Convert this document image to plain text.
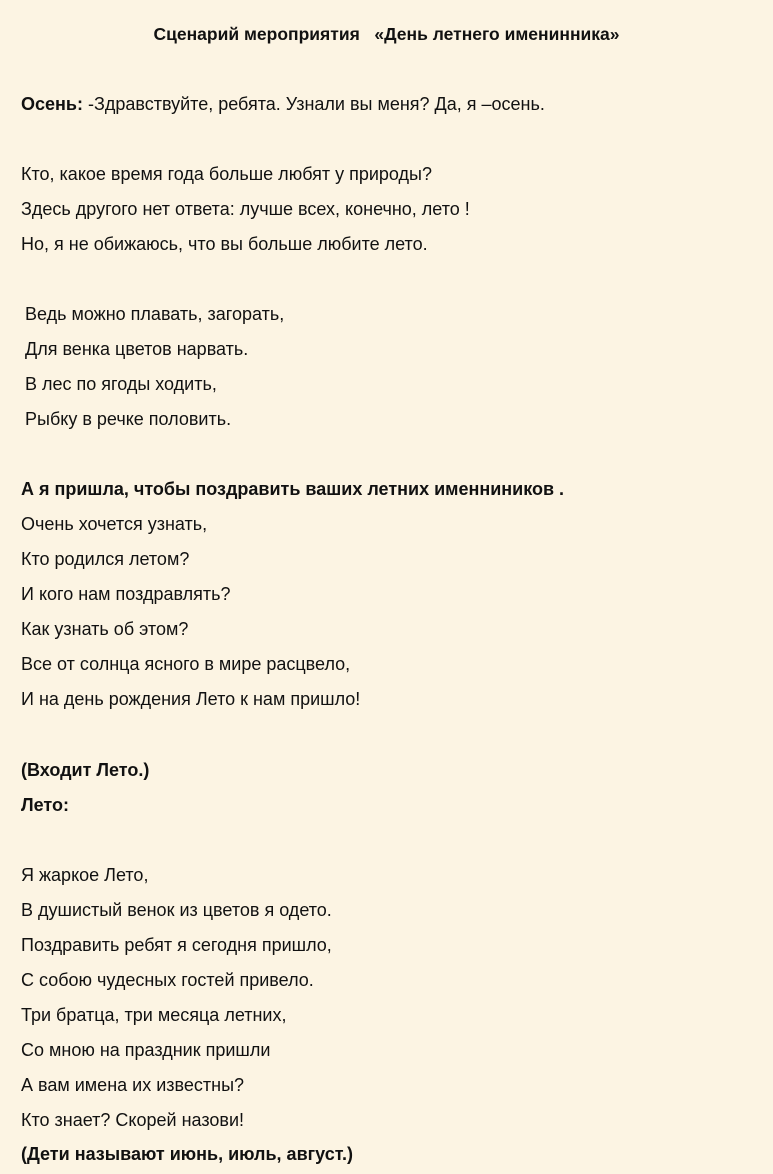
Сценарий мероприятия   «День летнего именинника»
Осень: -Здравствуйте, ребята. Узнали вы меня? Да, я –осень.
Кто, какое время года больше любят у природы?
Здесь другого нет ответа: лучше всех, конечно, лето !
Но, я не обижаюсь, что вы больше любите лето.
Ведь можно плавать, загорать,
Для венка цветов нарвать.
В лес по ягоды ходить,
Рыбку в речке половить.
А я пришла, чтобы поздравить ваших летних именниников .
Очень хочется узнать,
Кто родился летом?
И кого нам поздравлять?
Как узнать об этом?
Все от солнца ясного в мире расцвело,
И на день рождения Лето к нам пришло!
(Входит Лето.)
Лето:
Я жаркое Лето,
В душистый венок из цветов я одето.
Поздравить ребят я сегодня пришло,
С собою чудесных гостей привело.
Три братца, три месяца летних,
Со мною на праздник пришли
А вам имена их известны?
Кто знает? Скорей назови!
(Дети называют июнь, июль, август.)
